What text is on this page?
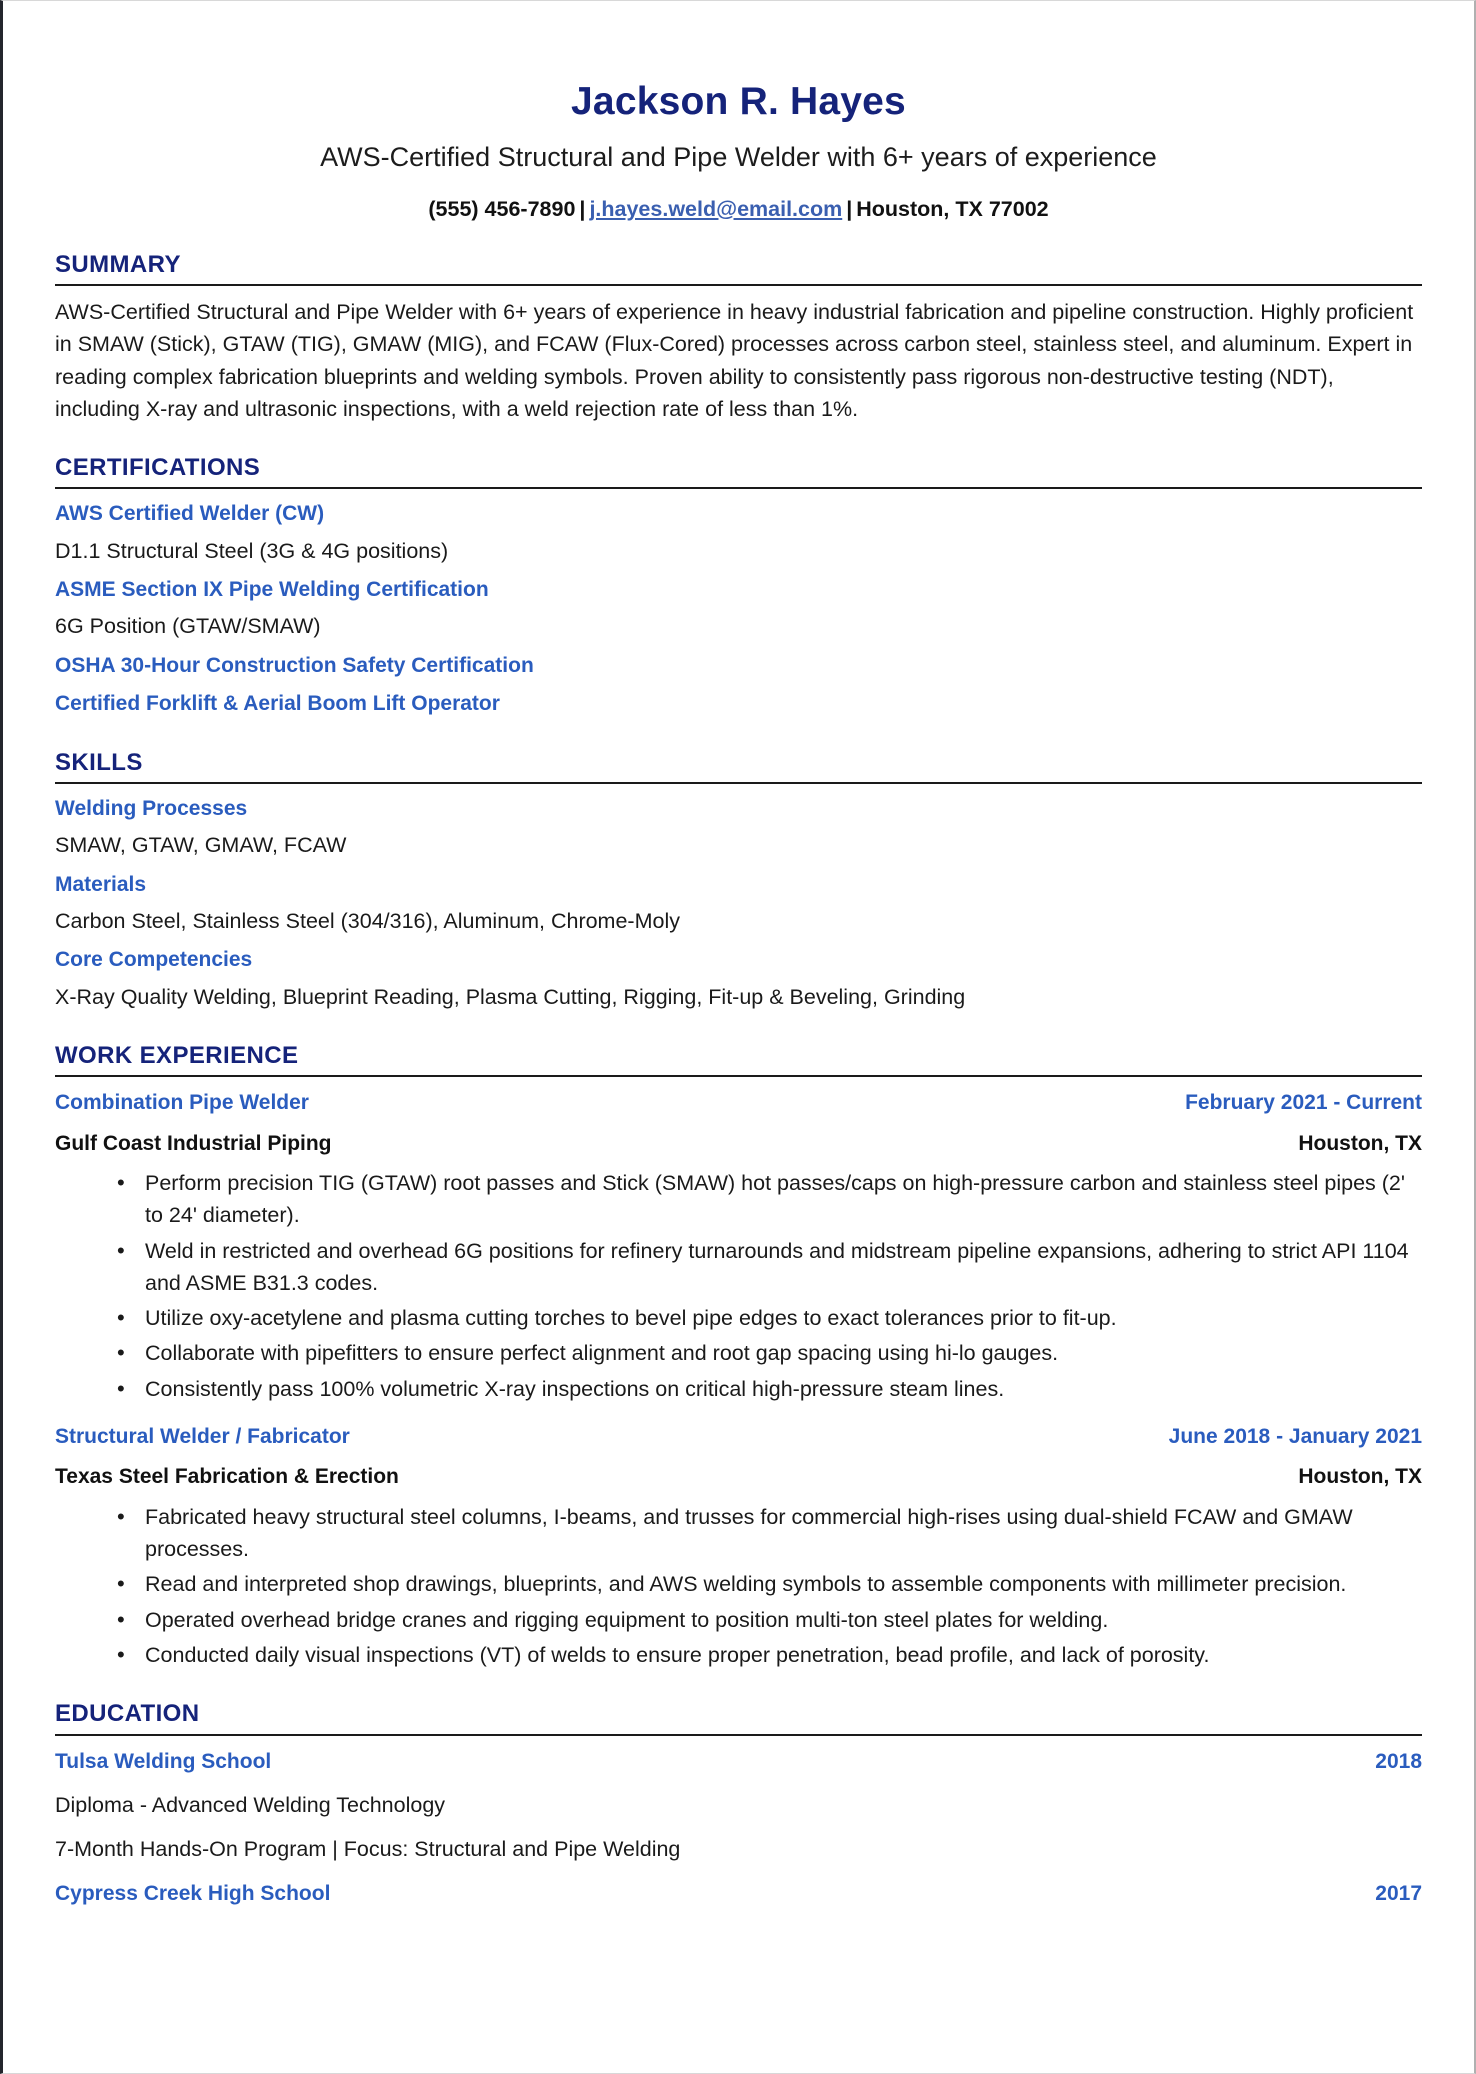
Jackson R. Hayes
AWS-Certified Structural and Pipe Welder with 6+ years of experience
(555) 456-7890 | j.hayes.weld@email.com | Houston, TX 77002
SUMMARY

AWS-Certified Structural and Pipe Welder with 6+ years of experience in heavy industrial fabrication and pipeline construction. Highly proficient in SMAW (Stick), GTAW (TIG), GMAW (MIG), and FCAW (Flux-Cored) processes across carbon steel, stainless steel, and aluminum. Expert in reading complex fabrication blueprints and welding symbols. Proven ability to consistently pass rigorous non-destructive testing (NDT), including X-ray and ultrasonic inspections, with a weld rejection rate of less than 1%.

CERTIFICATIONS
AWS Certified Welder (CW)
D1.1 Structural Steel (3G & 4G positions)
ASME Section IX Pipe Welding Certification
6G Position (GTAW/SMAW)
OSHA 30-Hour Construction Safety Certification
Certified Forklift & Aerial Boom Lift Operator
SKILLS
Welding Processes
SMAW, GTAW, GMAW, FCAW
Materials
Carbon Steel, Stainless Steel (304/316), Aluminum, Chrome-Moly
Core Competencies
X-Ray Quality Welding, Blueprint Reading, Plasma Cutting, Rigging, Fit-up & Beveling, Grinding
WORK EXPERIENCE
Combination Pipe Welder	February 2021 - Current
Gulf Coast Industrial Piping	Houston, TX
• Perform precision TIG (GTAW) root passes and Stick (SMAW) hot passes/caps on high-pressure carbon and stainless steel pipes (2' to 24' diameter).
• Weld in restricted and overhead 6G positions for refinery turnarounds and midstream pipeline expansions, adhering to strict API 1104 and ASME B31.3 codes.
• Utilize oxy-acetylene and plasma cutting torches to bevel pipe edges to exact tolerances prior to fit-up.
• Collaborate with pipefitters to ensure perfect alignment and root gap spacing using hi-lo gauges.
• Consistently pass 100% volumetric X-ray inspections on critical high-pressure steam lines.
Structural Welder / Fabricator	June 2018 - January 2021
Texas Steel Fabrication & Erection	Houston, TX
• Fabricated heavy structural steel columns, I-beams, and trusses for commercial high-rises using dual-shield FCAW and GMAW processes.
• Read and interpreted shop drawings, blueprints, and AWS welding symbols to assemble components with millimeter precision.
• Operated overhead bridge cranes and rigging equipment to position multi-ton steel plates for welding.
• Conducted daily visual inspections (VT) of welds to ensure proper penetration, bead profile, and lack of porosity.
EDUCATION
Tulsa Welding School	2018
Diploma - Advanced Welding Technology
7-Month Hands-On Program | Focus: Structural and Pipe Welding
Cypress Creek High School	2017
